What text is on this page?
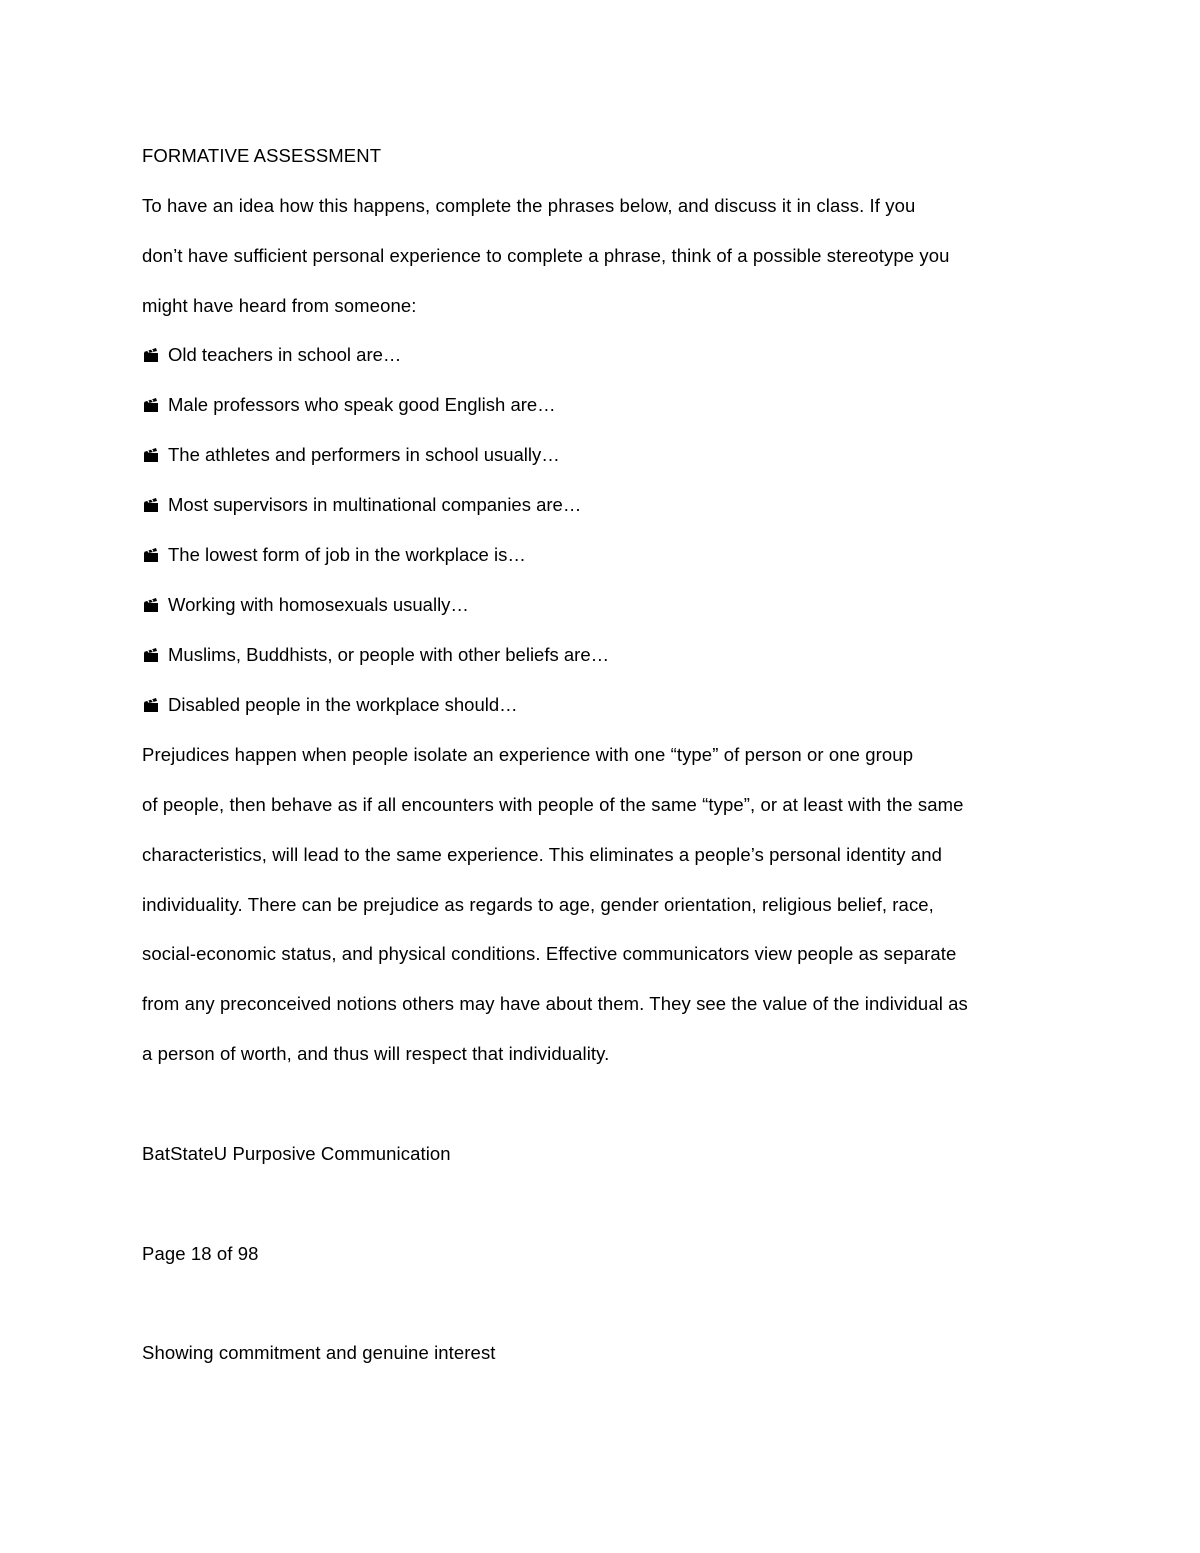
FORMATIVE ASSESSMENT
To have an idea how this happens, complete the phrases below, and discuss it in class. If you
don’t have sufficient personal experience to complete a phrase, think of a possible stereotype you
might have heard from someone:
Old teachers in school are…
Male professors who speak good English are…
The athletes and performers in school usually…
Most supervisors in multinational companies are…
The lowest form of job in the workplace is…
Working with homosexuals usually…
Muslims, Buddhists, or people with other beliefs are…
Disabled people in the workplace should…
Prejudices happen when people isolate an experience with one “type” of person or one group
of people, then behave as if all encounters with people of the same “type”, or at least with the same
characteristics, will lead to the same experience. This eliminates a people’s personal identity and
individuality. There can be prejudice as regards to age, gender orientation, religious belief, race,
social-economic status, and physical conditions. Effective communicators view people as separate
from any preconceived notions others may have about them. They see the value of the individual as
a person of worth, and thus will respect that individuality.
BatStateU Purposive Communication
Page 18 of 98
Showing commitment and genuine interest
